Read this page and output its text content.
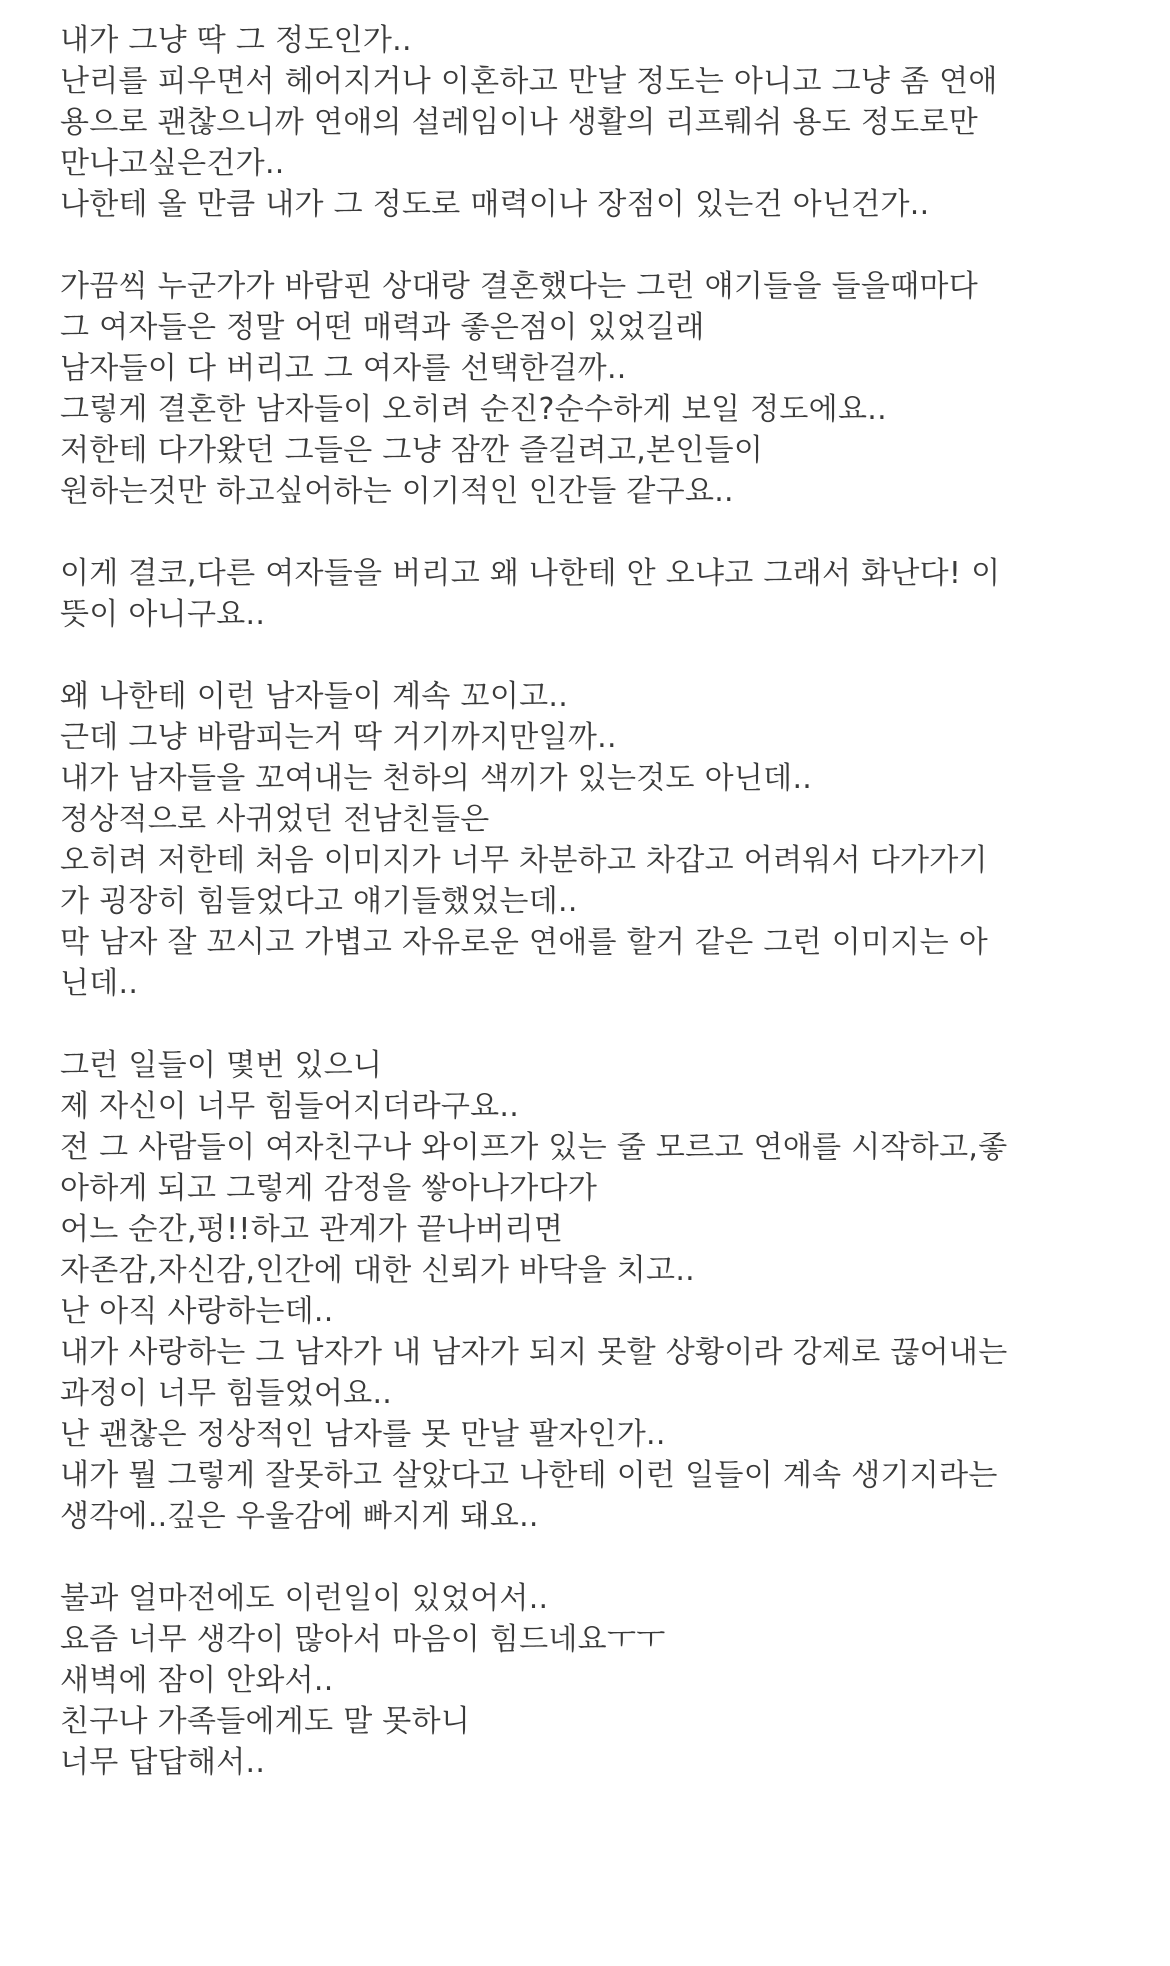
내가 그냥 딱 그 정도인가..
난리를 피우면서 헤어지거나 이혼하고 만날 정도는 아니고 그냥 좀 연애
용으로 괜찮으니까 연애의 설레임이나 생활의 리프뤠쉬 용도 정도로만
만나고싶은건가..
나한테 올 만큼 내가 그 정도로 매력이나 장점이 있는건 아닌건가..
가끔씩 누군가가 바람핀 상대랑 결혼했다는 그런 얘기들을 들을때마다
그 여자들은 정말 어떤 매력과 좋은점이 있었길래
남자들이 다 버리고 그 여자를 선택한걸까..
그렇게 결혼한 남자들이 오히려 순진?순수하게 보일 정도에요..
저한테 다가왔던 그들은 그냥 잠깐 즐길려고,본인들이
원하는것만 하고싶어하는 이기적인 인간들 같구요..
이게 결코,다른 여자들을 버리고 왜 나한테 안 오냐고 그래서 화난다! 이
뜻이 아니구요..
왜 나한테 이런 남자들이 계속 꼬이고..
근데 그냥 바람피는거 딱 거기까지만일까..
내가 남자들을 꼬여내는 천하의 색끼가 있는것도 아닌데..
정상적으로 사귀었던 전남친들은
오히려 저한테 처음 이미지가 너무 차분하고 차갑고 어려워서 다가가기
가 굉장히 힘들었다고 얘기들했었는데..
막 남자 잘 꼬시고 가볍고 자유로운 연애를 할거 같은 그런 이미지는 아
닌데..
그런 일들이 몇번 있으니
제 자신이 너무 힘들어지더라구요..
전 그 사람들이 여자친구나 와이프가 있는 줄 모르고 연애를 시작하고,좋
아하게 되고 그렇게 감정을 쌓아나가다가
어느 순간,펑!!하고 관계가 끝나버리면
자존감,자신감,인간에 대한 신뢰가 바닥을 치고..
난 아직 사랑하는데..
내가 사랑하는 그 남자가 내 남자가 되지 못할 상황이라 강제로 끊어내는
과정이 너무 힘들었어요..
난 괜찮은 정상적인 남자를 못 만날 팔자인가..
내가 뭘 그렇게 잘못하고 살았다고 나한테 이런 일들이 계속 생기지라는
생각에..깊은 우울감에 빠지게 돼요..
불과 얼마전에도 이런일이 있었어서..
요즘 너무 생각이 많아서 마음이 힘드네요ㅜㅜ
새벽에 잠이 안와서..
친구나 가족들에게도 말 못하니
너무 답답해서..
